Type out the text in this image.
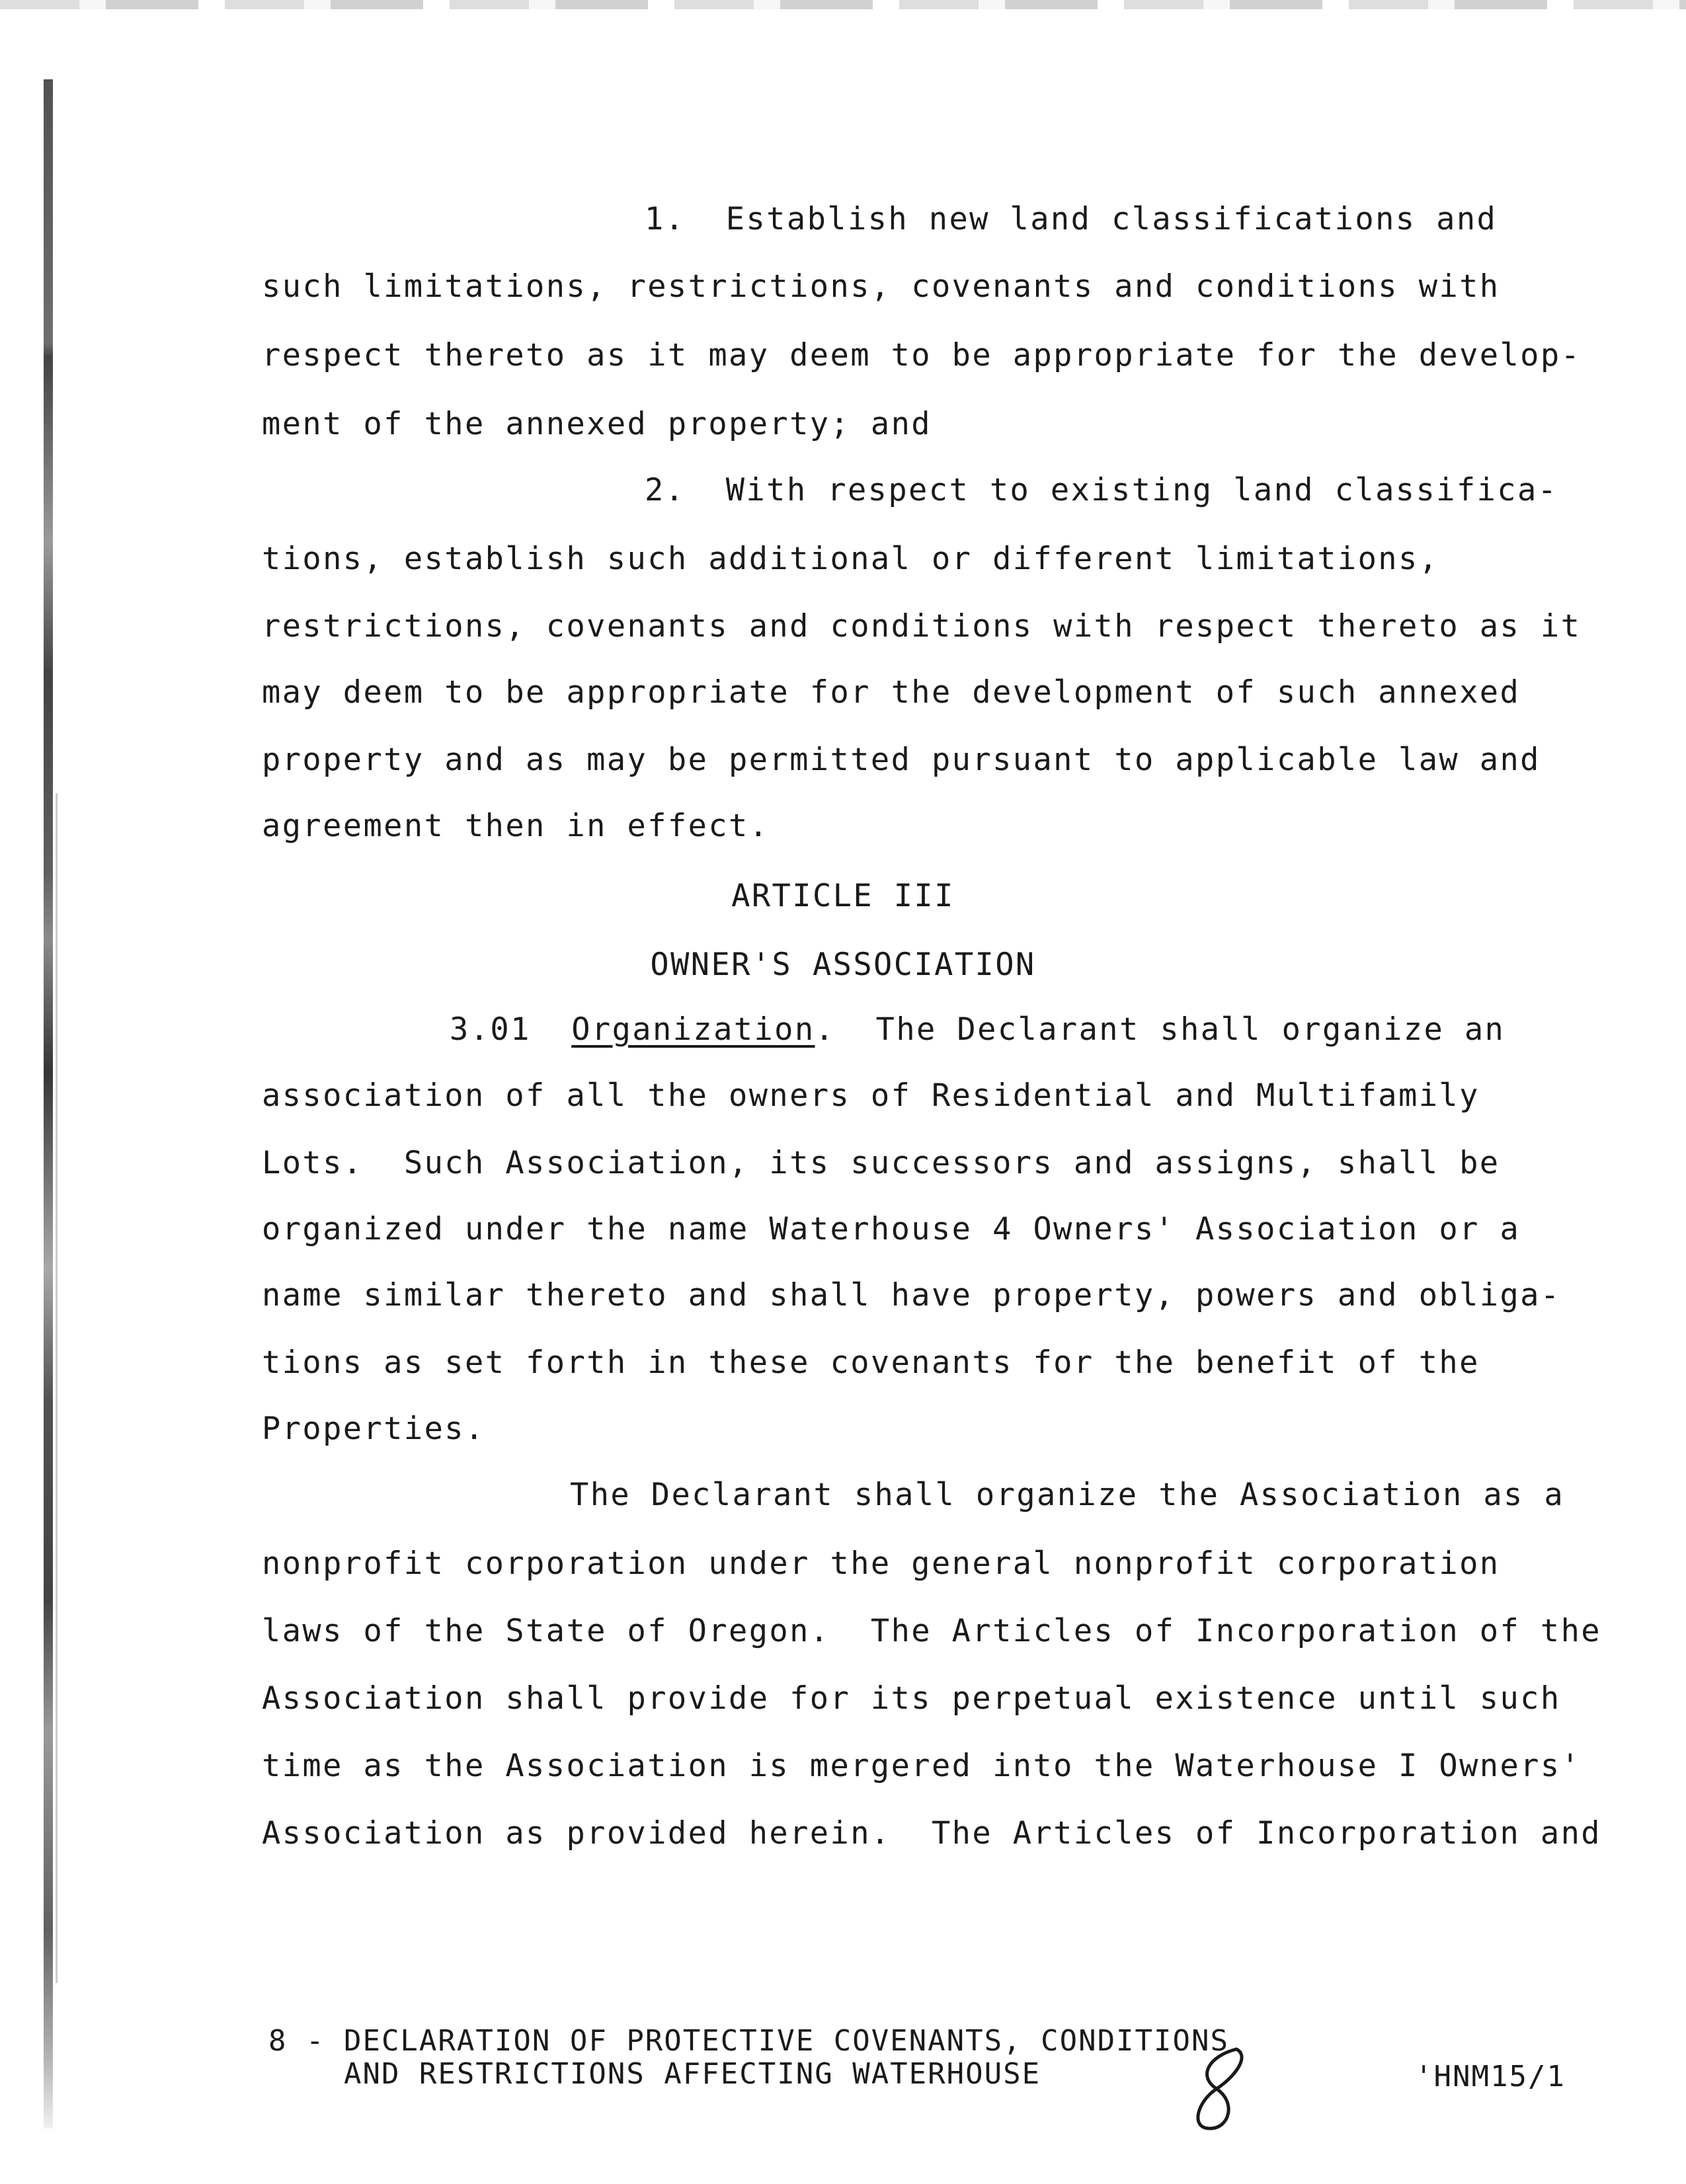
1.  Establish new land classifications and
such limitations, restrictions, covenants and conditions with
respect thereto as it may deem to be appropriate for the develop-
ment of the annexed property; and
2.  With respect to existing land classifica-
tions, establish such additional or different limitations,
restrictions, covenants and conditions with respect thereto as it
may deem to be appropriate for the development of such annexed
property and as may be permitted pursuant to applicable law and
agreement then in effect.
ARTICLE III
OWNER'S ASSOCIATION
3.01 Organization.  The Declarant shall organize an
association of all the owners of Residential and Multifamily
Lots.  Such Association, its successors and assigns, shall be
organized under the name Waterhouse 4 Owners' Association or a
name similar thereto and shall have property, powers and obliga-
tions as set forth in these covenants for the benefit of the
Properties.
The Declarant shall organize the Association as a
nonprofit corporation under the general nonprofit corporation
laws of the State of Oregon.  The Articles of Incorporation of the
Association shall provide for its perpetual existence until such
time as the Association is mergered into the Waterhouse I Owners'
Association as provided herein.  The Articles of Incorporation and
8 - DECLARATION OF PROTECTIVE COVENANTS, CONDITIONS
AND RESTRICTIONS AFFECTING WATERHOUSE	'HNM15/1
